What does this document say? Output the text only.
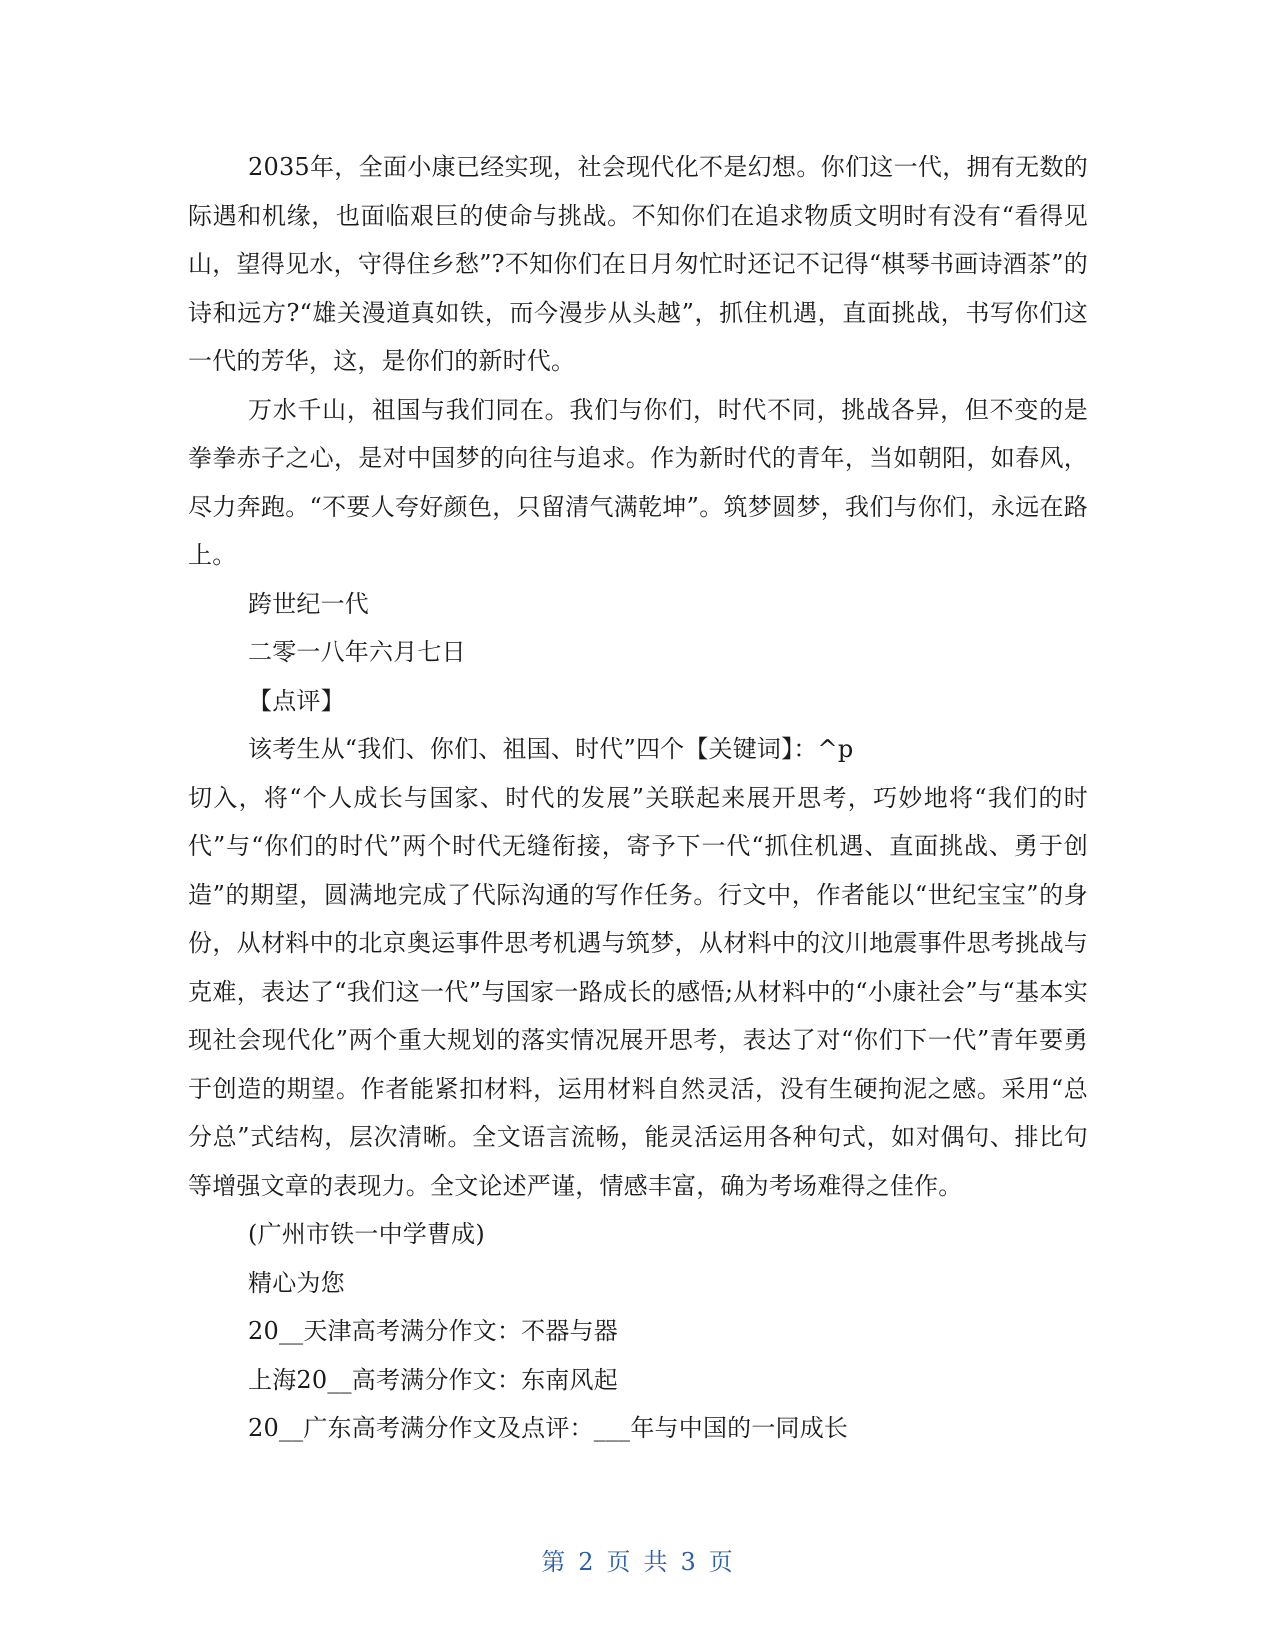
2035年，全面小康已经实现，社会现代化不是幻想。你们这一代，拥有无数的际遇和机缘，也面临艰巨的使命与挑战。不知你们在追求物质文明时有没有“看得见山，望得见水，守得住乡愁”?不知你们在日月匆忙时还记不记得“棋琴书画诗酒茶”的诗和远方?“雄关漫道真如铁，而今漫步从头越”，抓住机遇，直面挑战，书写你们这一代的芳华，这，是你们的新时代。

万水千山，祖国与我们同在。我们与你们，时代不同，挑战各异，但不变的是拳拳赤子之心，是对中国梦的向往与追求。作为新时代的青年，当如朝阳，如春风，尽力奔跑。“不要人夸好颜色，只留清气满乾坤”。筑梦圆梦，我们与你们，永远在路上。

跨世纪一代

二零一八年六月七日

【点评】

该考生从“我们、你们、祖国、时代”四个【关键词】：^p

切入，将“个人成长与国家、时代的发展”关联起来展开思考，巧妙地将“我们的时代”与“你们的时代”两个时代无缝衔接，寄予下一代“抓住机遇、直面挑战、勇于创造”的期望，圆满地完成了代际沟通的写作任务。行文中，作者能以“世纪宝宝”的身份，从材料中的北京奥运事件思考机遇与筑梦，从材料中的汶川地震事件思考挑战与克难，表达了“我们这一代”与国家一路成长的感悟;从材料中的“小康社会”与“基本实现社会现代化”两个重大规划的落实情况展开思考，表达了对“你们下一代”青年要勇于创造的期望。作者能紧扣材料，运用材料自然灵活，没有生硬拘泥之感。采用“总分总”式结构，层次清晰。全文语言流畅，能灵活运用各种句式，如对偶句、排比句等增强文章的表现力。全文论述严谨，情感丰富，确为考场难得之佳作。

(广州市铁一中学曹成)

精心为您

20__天津高考满分作文：不器与器

上海20__高考满分作文：东南风起

20__广东高考满分作文及点评：___年与中国的一同成长

第 2 页 共 3 页
